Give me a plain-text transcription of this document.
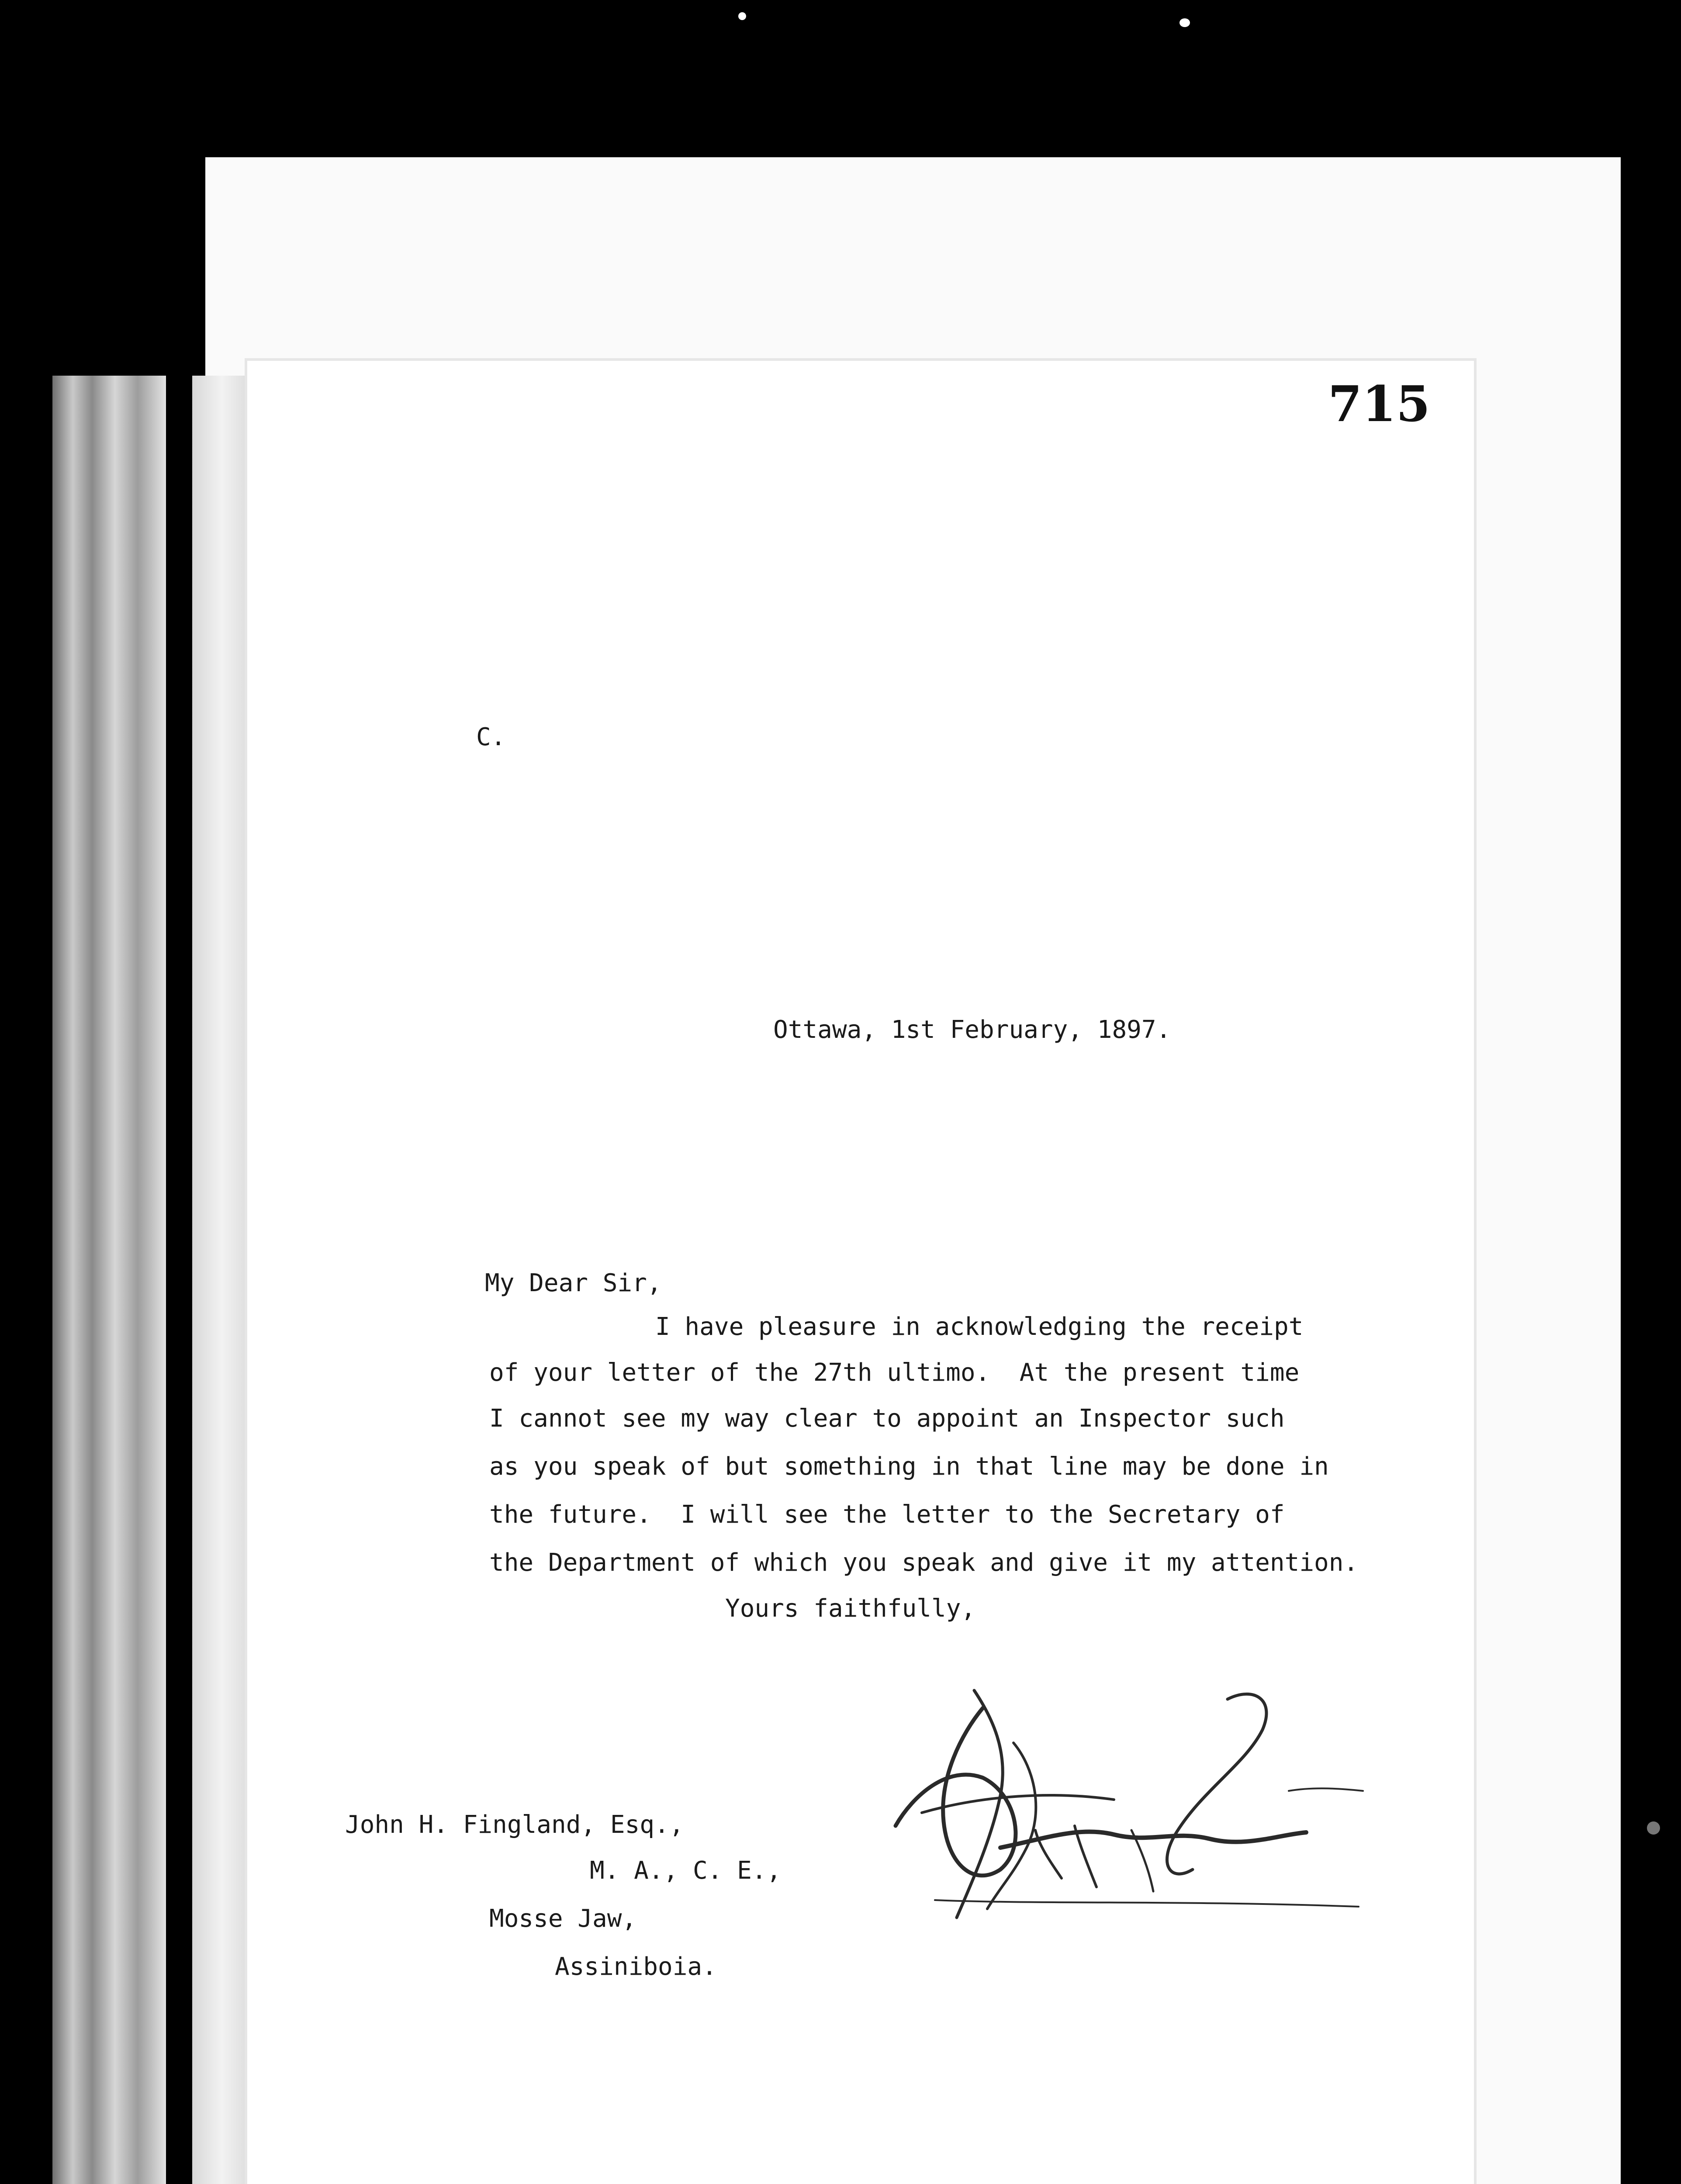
715
C.
Ottawa, 1st February, 1897.
My Dear Sir,
I have pleasure in acknowledging the receipt
of your letter of the 27th ultimo.  At the present time
I cannot see my way clear to appoint an Inspector such
as you speak of but something in that line may be done in
the future.  I will see the letter to the Secretary of
the Department of which you speak and give it my attention.
Yours faithfully,
John H. Fingland, Esq.,
M. A., C. E.,
Mosse Jaw,
Assiniboia.
